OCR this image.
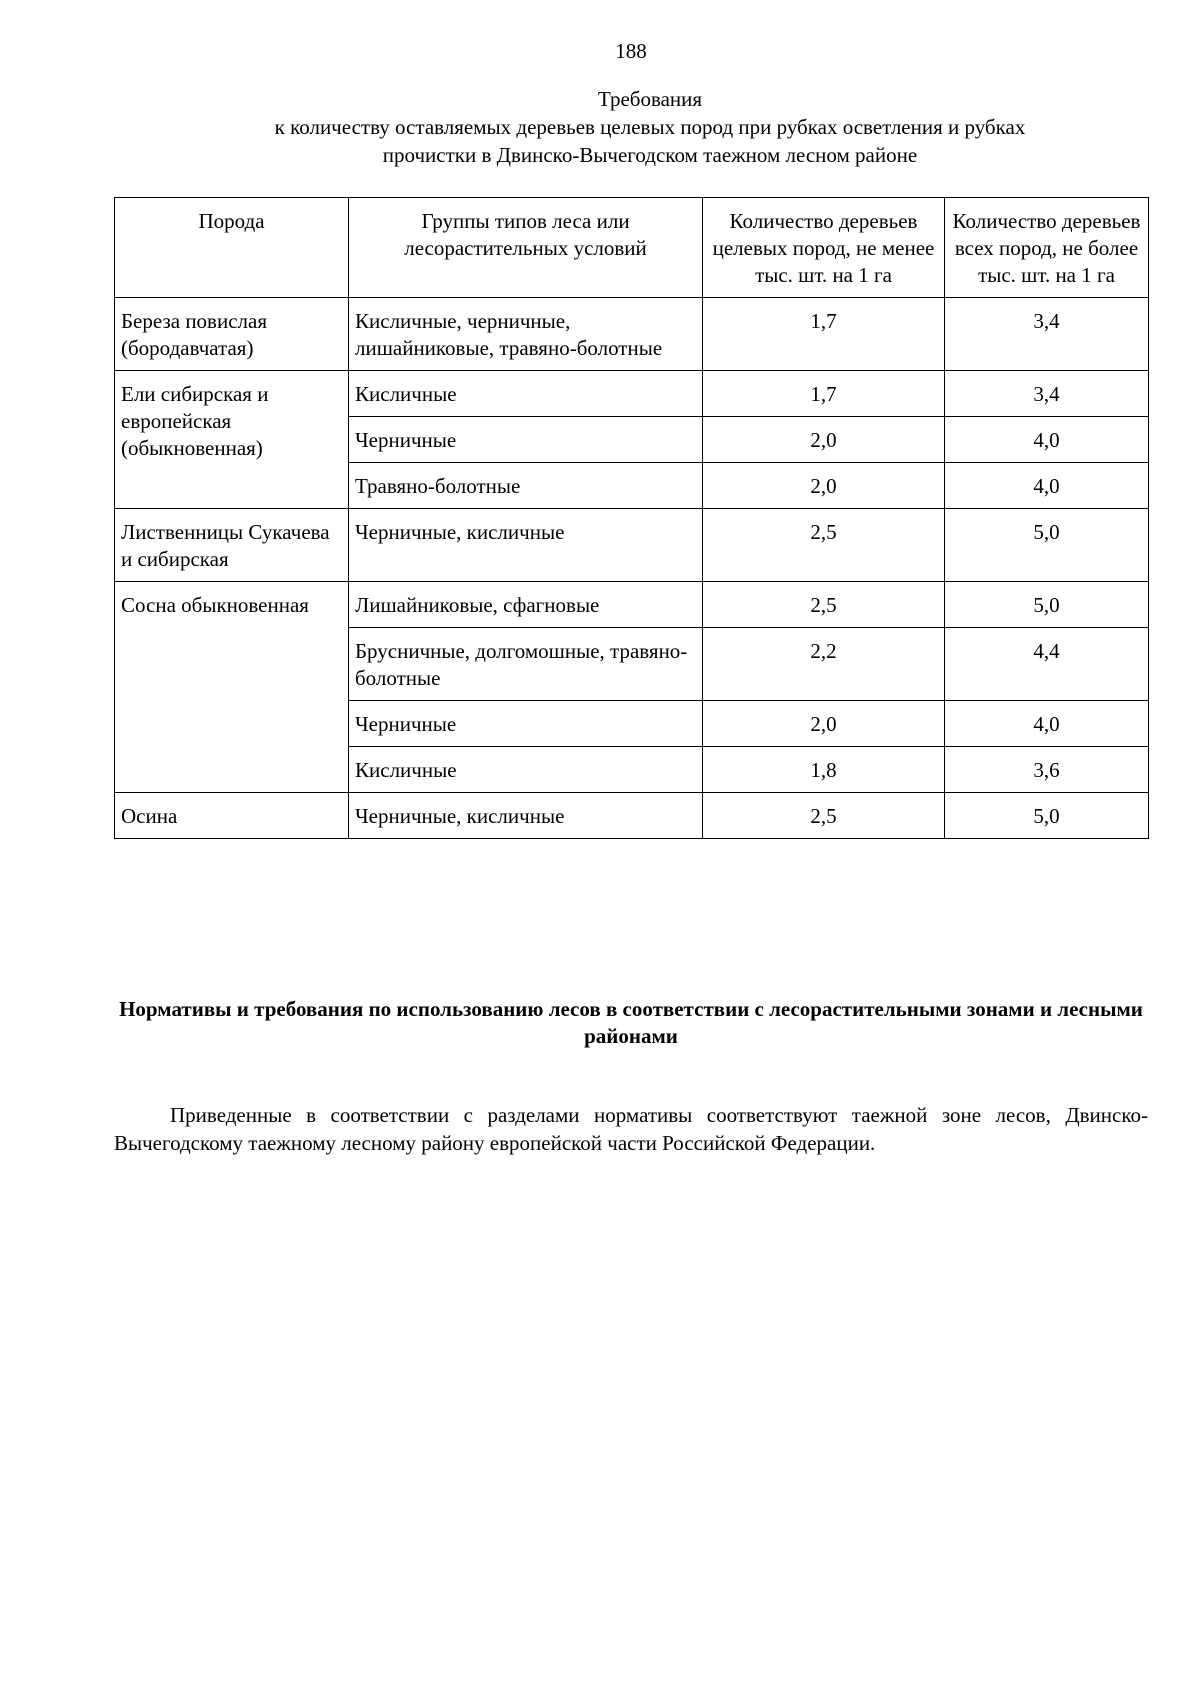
188
Требования
к количеству оставляемых деревьев целевых пород при рубках осветления и рубках
прочистки в Двинско-Вычегодском таежном лесном районе
Порода	Группы типов леса или лесорастительных условий	Количество деревьев целевых пород, не менее тыс. шт. на 1 га	Количество деревьев всех пород, не более тыс. шт. на 1 га
Береза повислая (бородавчатая)	Кисличные, черничные, лишайниковые, травяно-болотные	1,7	3,4
Ели сибирская и европейская (обыкновенная)	Кисличные	1,7	3,4
	Черничные	2,0	4,0
	Травяно-болотные	2,0	4,0
Лиственницы Сукачева и сибирская	Черничные, кисличные	2,5	5,0
Сосна обыкновенная	Лишайниковые, сфагновые	2,5	5,0
	Брусничные, долгомошные, травяно-болотные	2,2	4,4
	Черничные	2,0	4,0
	Кисличные	1,8	3,6
Осина	Черничные, кисличные	2,5	5,0
Нормативы и требования по использованию лесов в соответствии с лесорастительными зонами и лесными районами

Приведенные в соответствии с разделами нормативы соответствуют таежной зоне лесов, Двинско-Вычегодскому таежному лесному району европейской части Российской Федерации.
